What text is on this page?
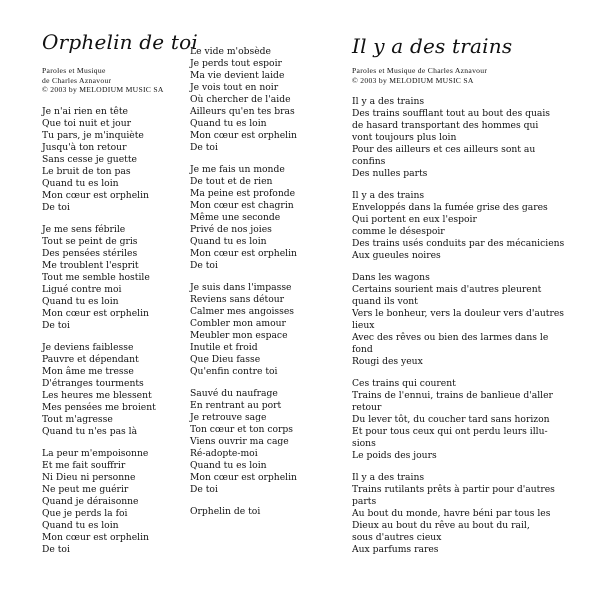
Orphelin de toi
Paroles et Musique
de Charles Aznavour
© 2003 by MELODIUM MUSIC SA
Je n'ai rien en tête
Que toi nuit et jour
Tu pars, je m'inquiète
Jusqu'à ton retour
Sans cesse je guette
Le bruit de ton pas
Quand tu es loin
Mon cœur est orphelin
De toi
Je me sens fébrile
Tout se peint de gris
Des pensées stériles
Me troublent l'esprit
Tout me semble hostile
Ligué contre moi
Quand tu es loin
Mon cœur est orphelin
De toi
Je deviens faiblesse
Pauvre et dépendant
Mon âme me tresse
D'étranges tourments
Les heures me blessent
Mes pensées me broient
Tout m'agresse
Quand tu n'es pas là
La peur m'empoisonne
Et me fait souffrir
Ni Dieu ni personne
Ne peut me guérir
Quand je déraisonne
Que je perds la foi
Quand tu es loin
Mon cœur est orphelin
De toi
Le vide m'obsède
Je perds tout espoir
Ma vie devient laide
Je vois tout en noir
Où chercher de l'aide
Ailleurs qu'en tes bras
Quand tu es loin
Mon cœur est orphelin
De toi
Je me fais un monde
De tout et de rien
Ma peine est profonde
Mon cœur est chagrin
Même une seconde
Privé de nos joies
Quand tu es loin
Mon cœur est orphelin
De toi
Je suis dans l'impasse
Reviens sans détour
Calmer mes angoisses
Combler mon amour
Meubler mon espace
Inutile et froid
Que Dieu fasse
Qu'enfin contre toi
Sauvé du naufrage
En rentrant au port
Je retrouve sage
Ton cœur et ton corps
Viens ouvrir ma cage
Ré-adopte-moi
Quand tu es loin
Mon cœur est orphelin
De toi
Orphelin de toi
Il y a des trains
Paroles et Musique de Charles Aznavour
© 2003 by MELODIUM MUSIC SA
Il y a des trains
Des trains soufflant tout au bout des quais
de hasard transportant des hommes qui
vont toujours plus loin
Pour des ailleurs et ces ailleurs sont au
confins
Des nulles parts
Il y a des trains
Enveloppés dans la fumée grise des gares
Qui portent en eux l'espoir
comme le désespoir
Des trains usés conduits par des mécaniciens
Aux gueules noires
Dans les wagons
Certains sourient mais d'autres pleurent
quand ils vont
Vers le bonheur, vers la douleur vers d'autres
lieux
Avec des rêves ou bien des larmes dans le
fond
Rougi des yeux
Ces trains qui courent
Trains de l'ennui, trains de banlieue d'aller
retour
Du lever tôt, du coucher tard sans horizon
Et pour tous ceux qui ont perdu leurs illu-
sions
Le poids des jours
Il y a des trains
Trains rutilants prêts à partir pour d'autres
parts
Au bout du monde, havre béni par tous les
Dieux au bout du rêve au bout du rail,
sous d'autres cieux
Aux parfums rares
